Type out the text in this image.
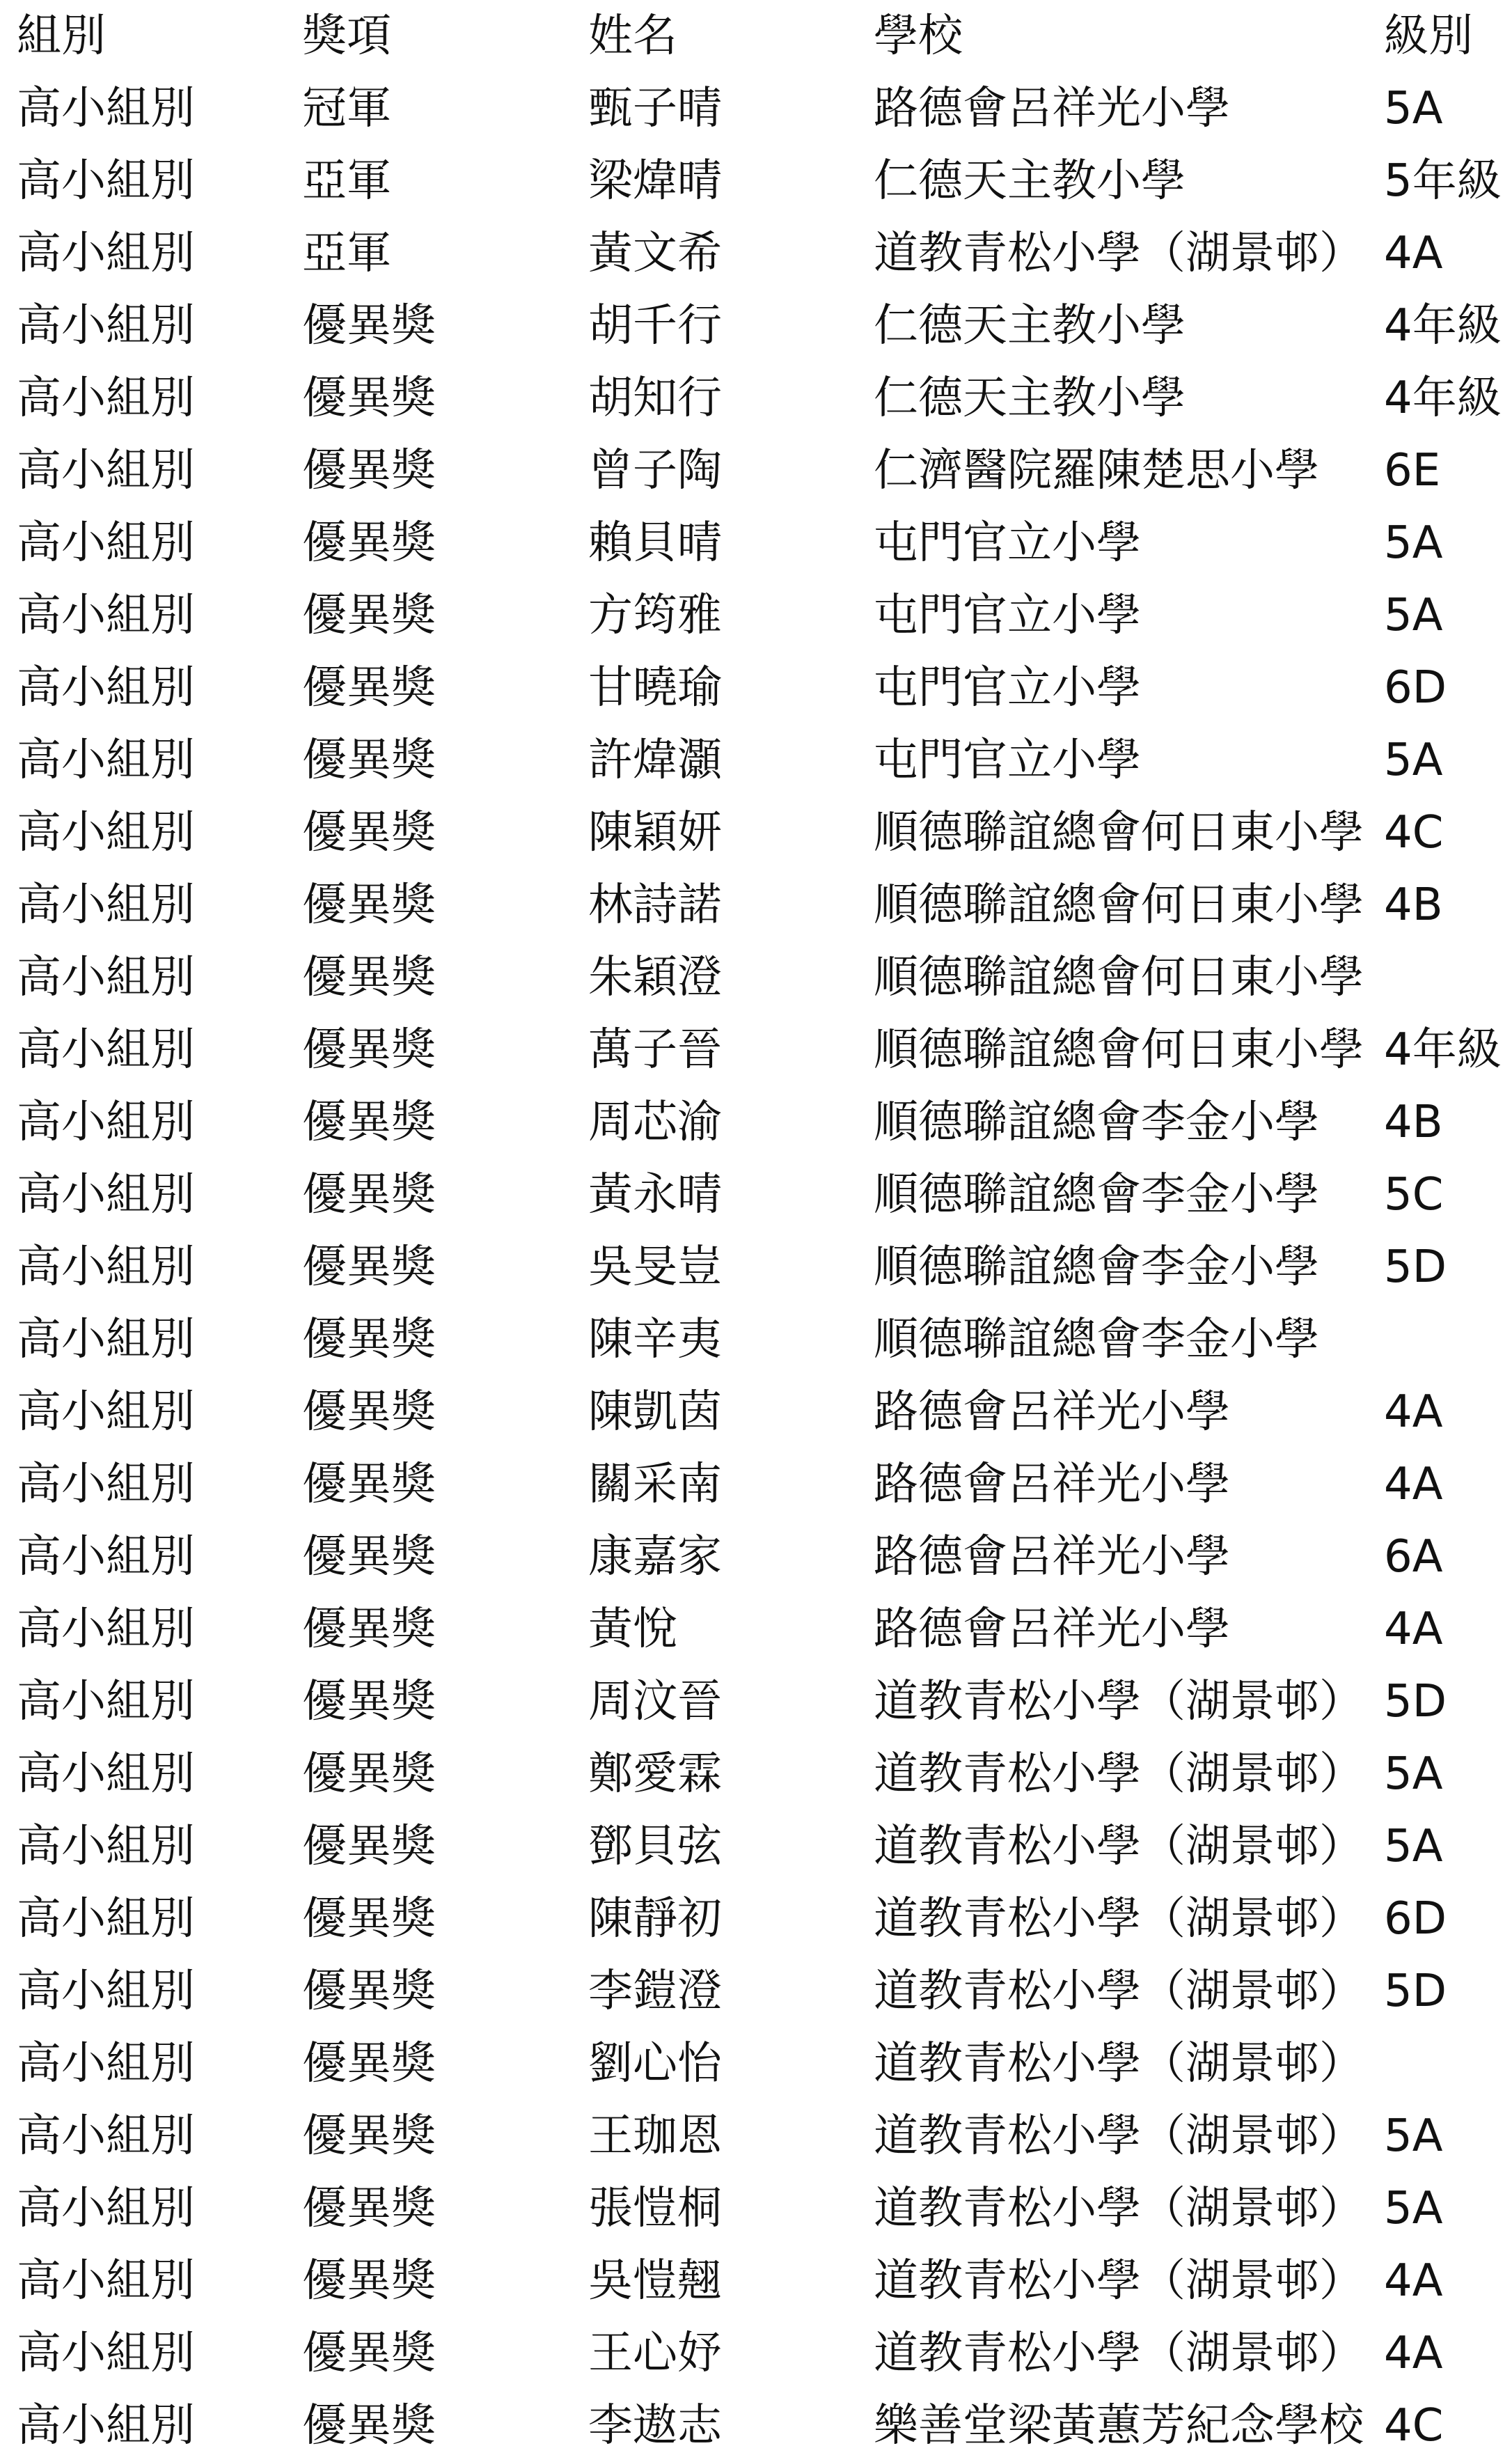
組別	獎項	姓名	學校	級別
高小組別 冠軍	甄子晴	路德會呂祥光小學	5A
高小組別 亞軍	梁煒晴	仁德天主教小學	5年級
高小組別 亞軍	黃文希	道教青松小學（湖景邨） 4A
高小組別 優異獎	胡千行	仁德天主教小學	4年級
高小組別 優異獎	胡知行	仁德天主教小學	4年級
高小組別 優異獎	曾子陶	仁濟醫院羅陳楚思小學 6E
高小組別 優異獎	賴貝晴	屯門官立小學	5A
高小組別 優異獎	方筠雅	屯門官立小學	5A
高小組別 優異獎	甘曉瑜	屯門官立小學	6D
高小組別 優異獎	許煒灝	屯門官立小學	5A
高小組別 優異獎	陳穎妍	順德聯誼總會何日東小學 4C
高小組別 優異獎	林詩諾	順德聯誼總會何日東小學 4B
高小組別 優異獎	朱穎澄	順德聯誼總會何日東小學
高小組別 優異獎	萬子晉	順德聯誼總會何日東小學 4年級
高小組別 優異獎	周芯渝	順德聯誼總會李金小學 4B
高小組別 優異獎	黃永晴	順德聯誼總會李金小學 5C
高小組別 優異獎	吳旻豈	順德聯誼總會李金小學 5D
高小組別 優異獎	陳辛夷	順德聯誼總會李金小學
高小組別 優異獎	陳凱茵	路德會呂祥光小學	4A
高小組別 優異獎	關采南	路德會呂祥光小學	4A
高小組別 優異獎	康嘉家	路德會呂祥光小學	6A
高小組別 優異獎	黃悅	路德會呂祥光小學	4A
高小組別 優異獎	周汶晉	道教青松小學（湖景邨） 5D
高小組別 優異獎	鄭愛霖	道教青松小學（湖景邨） 5A
高小組別 優異獎	鄧貝弦	道教青松小學（湖景邨） 5A
高小組別 優異獎	陳靜初	道教青松小學（湖景邨） 6D
高小組別 優異獎	李鎧澄	道教青松小學（湖景邨） 5D
高小組別 優異獎	劉心怡	道教青松小學（湖景邨）
高小組別 優異獎	王珈恩	道教青松小學（湖景邨） 5A
高小組別 優異獎	張愷桐	道教青松小學（湖景邨） 5A
高小組別 優異獎	吳愷翹	道教青松小學（湖景邨） 4A
高小組別 優異獎	王心妤	道教青松小學（湖景邨） 4A
高小組別 優異獎	李遨志	樂善堂梁黃蕙芳紀念學校 4C
